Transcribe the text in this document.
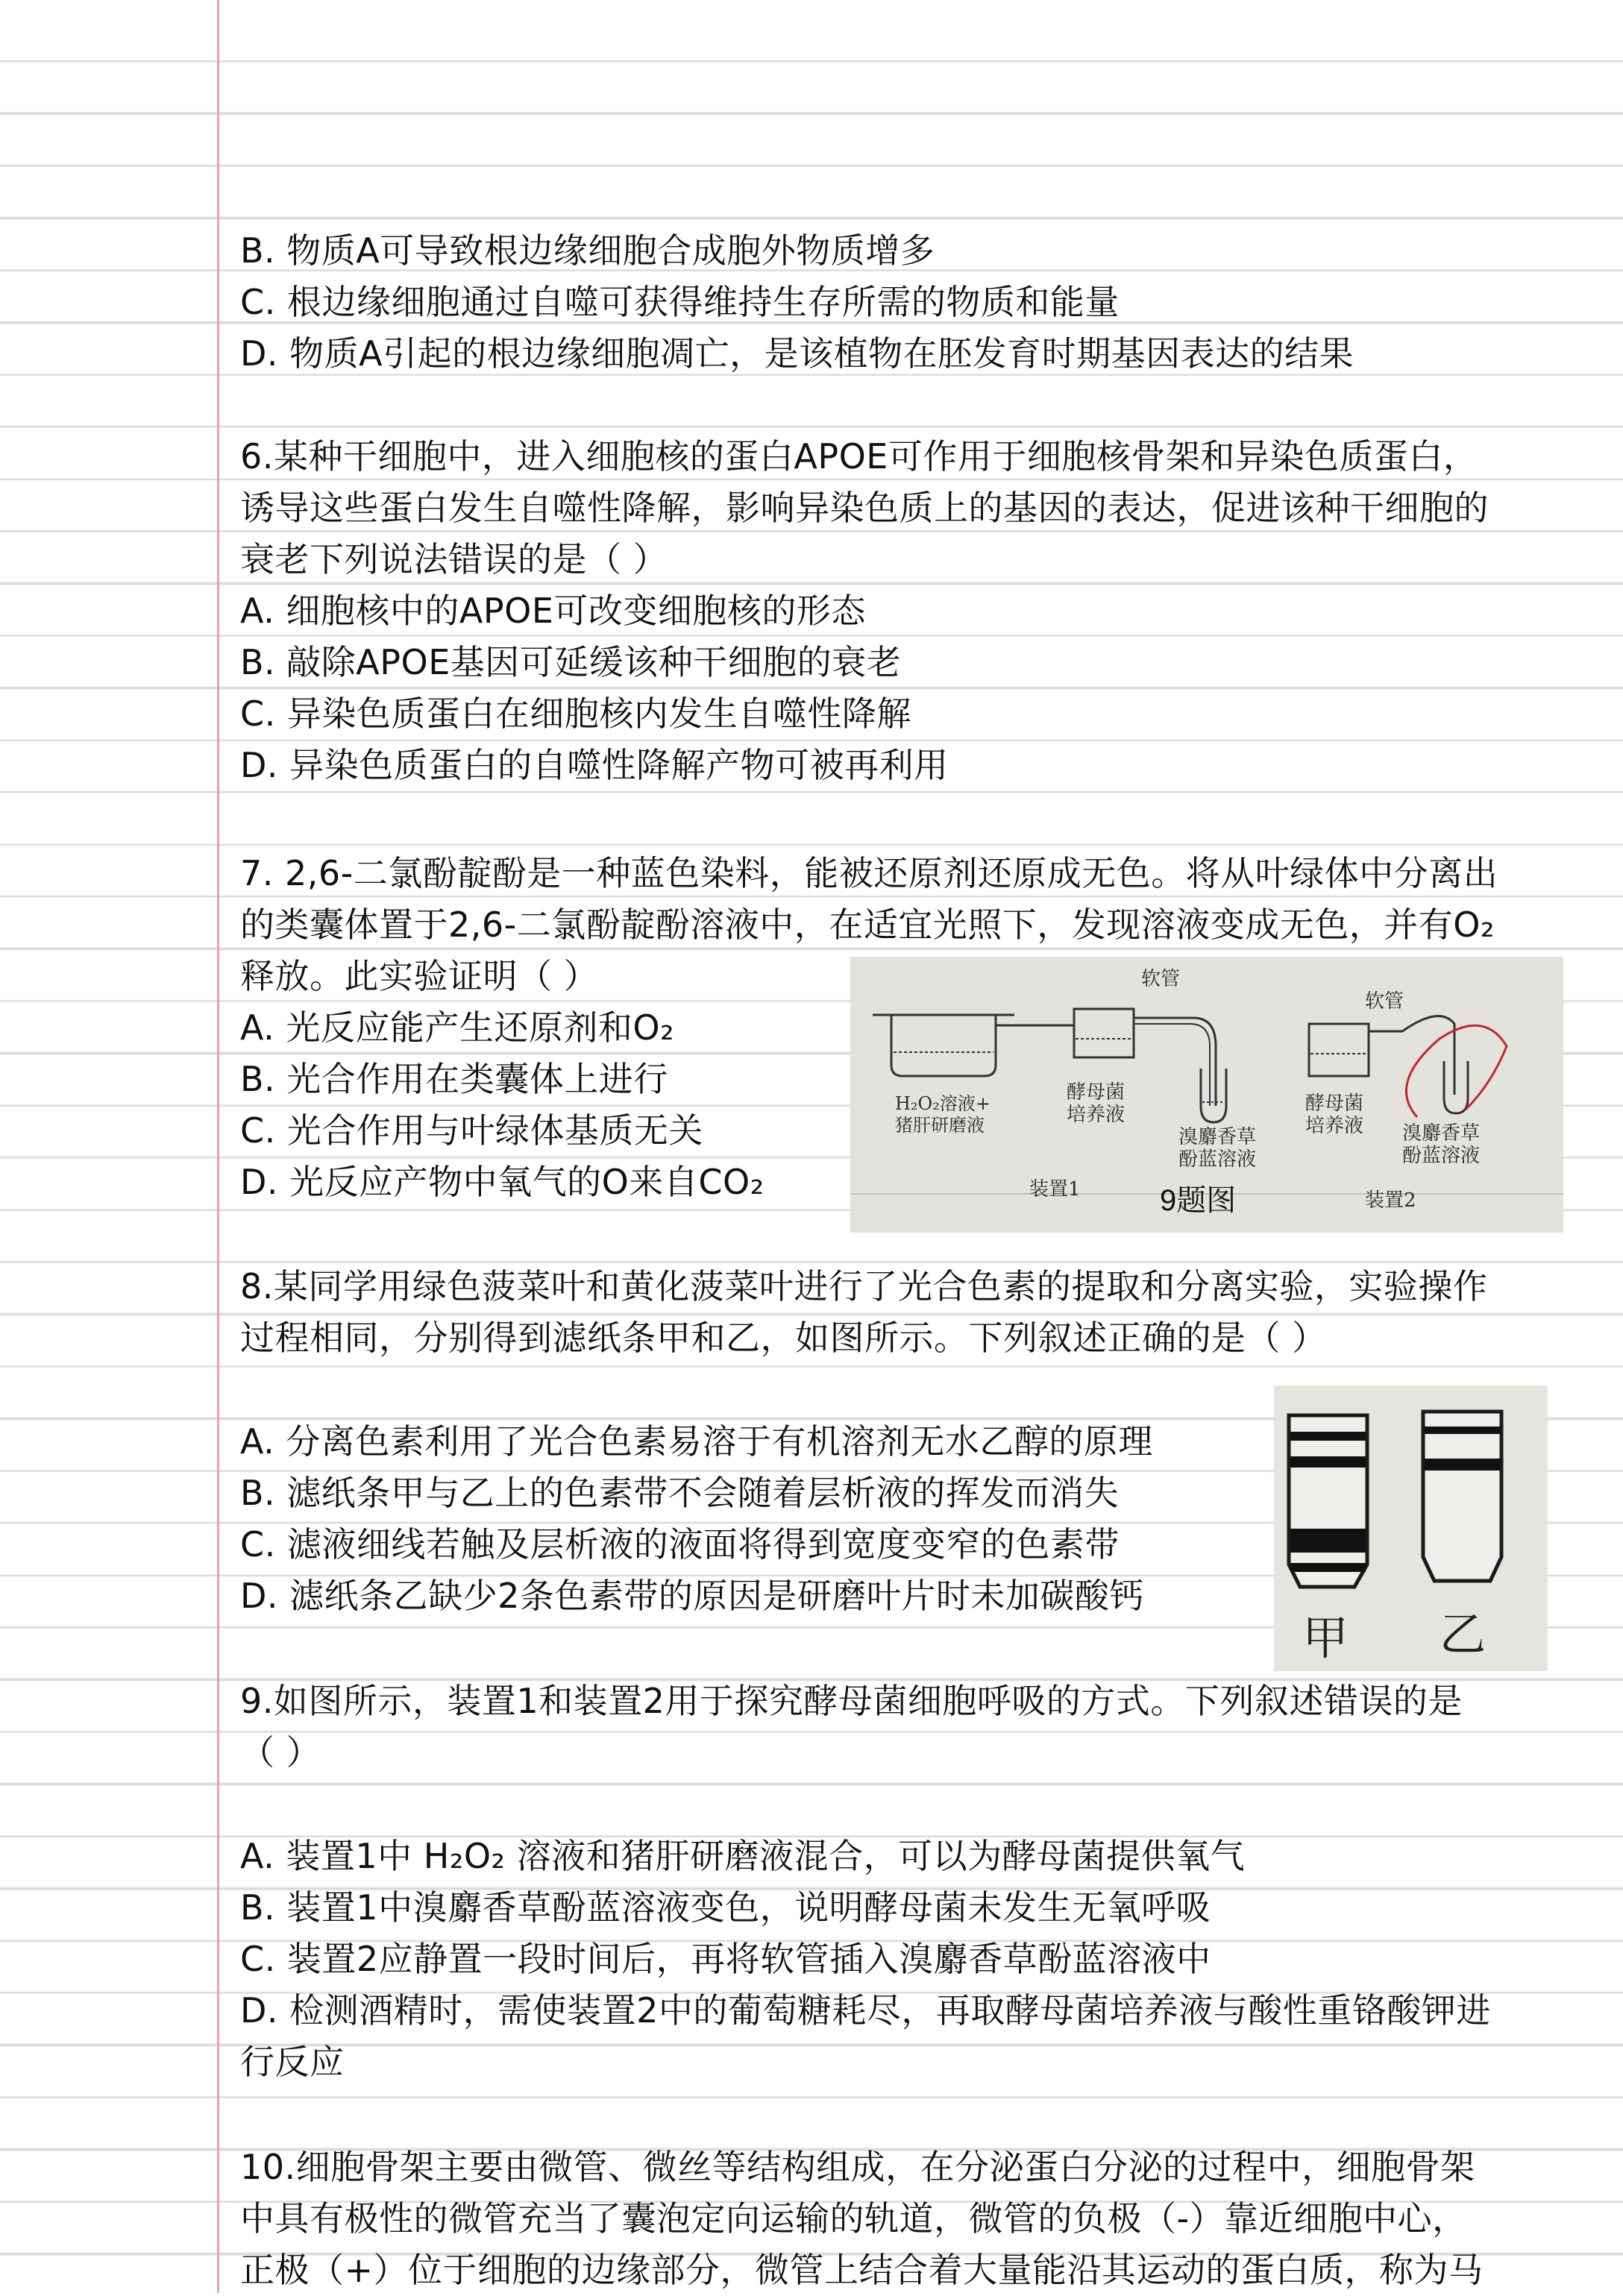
B. 物质A可导致根边缘细胞合成胞外物质增多
C. 根边缘细胞通过自噬可获得维持生存所需的物质和能量
D. 物质A引起的根边缘细胞凋亡，是该植物在胚发育时期基因表达的结果
6.某种干细胞中，进入细胞核的蛋白APOE可作用于细胞核骨架和异染色质蛋白，
诱导这些蛋白发生自噬性降解，影响异染色质上的基因的表达，促进该种干细胞的
衰老下列说法错误的是（ ）
A. 细胞核中的APOE可改变细胞核的形态
B. 敲除APOE基因可延缓该种干细胞的衰老
C. 异染色质蛋白在细胞核内发生自噬性降解
D. 异染色质蛋白的自噬性降解产物可被再利用
7. 2,6-二氯酚靛酚是一种蓝色染料，能被还原剂还原成无色。将从叶绿体中分离出
的类囊体置于2,6-二氯酚靛酚溶液中，在适宜光照下，发现溶液变成无色，并有O₂
释放。此实验证明（ ）
A. 光反应能产生还原剂和O₂
B. 光合作用在类囊体上进行
C. 光合作用与叶绿体基质无关
D. 光反应产物中氧气的O来自CO₂
8.某同学用绿色菠菜叶和黄化菠菜叶进行了光合色素的提取和分离实验，实验操作
过程相同，分别得到滤纸条甲和乙，如图所示。下列叙述正确的是（ ）
A. 分离色素利用了光合色素易溶于有机溶剂无水乙醇的原理
B. 滤纸条甲与乙上的色素带不会随着层析液的挥发而消失
C. 滤液细线若触及层析液的液面将得到宽度变窄的色素带
D. 滤纸条乙缺少2条色素带的原因是研磨叶片时未加碳酸钙
9.如图所示，装置1和装置2用于探究酵母菌细胞呼吸的方式。下列叙述错误的是
（ ）
A. 装置1中 H₂O₂ 溶液和猪肝研磨液混合，可以为酵母菌提供氧气
B. 装置1中溴麝香草酚蓝溶液变色，说明酵母菌未发生无氧呼吸
C. 装置2应静置一段时间后，再将软管插入溴麝香草酚蓝溶液中
D. 检测酒精时，需使装置2中的葡萄糖耗尽，再取酵母菌培养液与酸性重铬酸钾进
行反应
10.细胞骨架主要由微管、微丝等结构组成，在分泌蛋白分泌的过程中，细胞骨架
中具有极性的微管充当了囊泡定向运输的轨道，微管的负极（-）靠近细胞中心，
正极（+）位于细胞的边缘部分，微管上结合着大量能沿其运动的蛋白质，称为马
软管
软管
H₂O₂溶液+
猪肝研磨液
酵母菌
培养液
溴麝香草
酚蓝溶液
酵母菌
培养液 溴麝香草
酚蓝溶液
装置1	装置2
9题图
甲 乙
